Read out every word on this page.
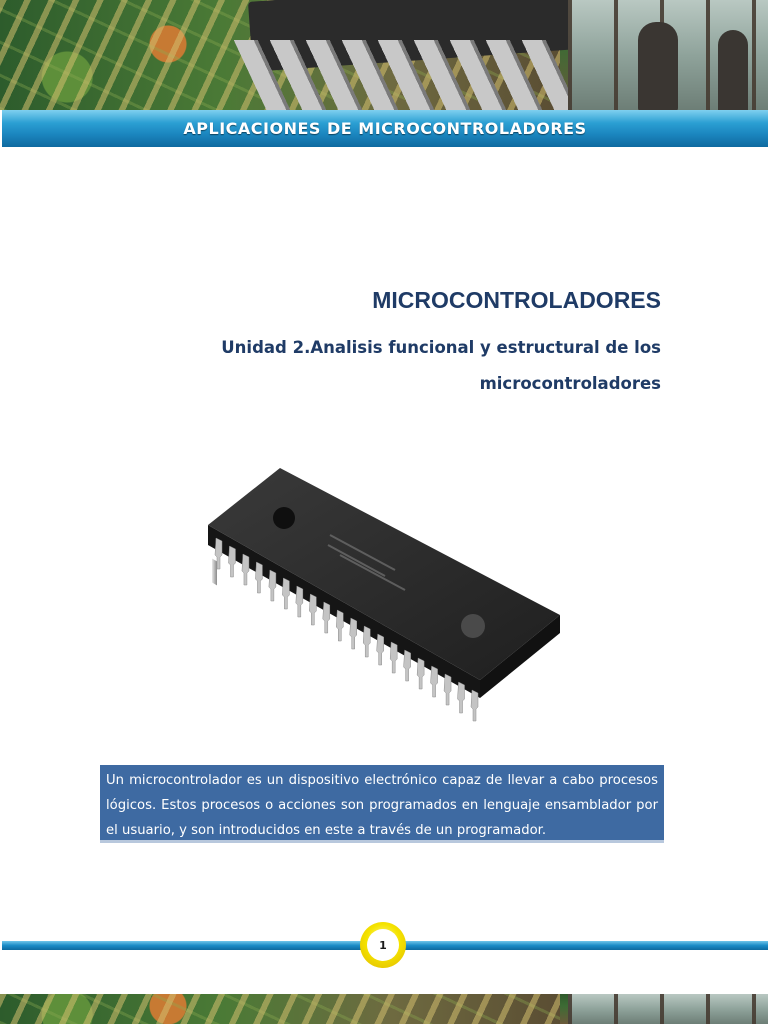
APLICACIONES DE MICROCONTROLADORES
MICROCONTROLADORES
Unidad 2.Analisis funcional y estructural de los microcontroladores

Un microcontrolador es un dispositivo electrónico capaz de llevar a cabo procesos lógicos. Estos procesos o acciones son programados en lenguaje ensamblador por el usuario, y son introducidos en este a través de un programador.

1
